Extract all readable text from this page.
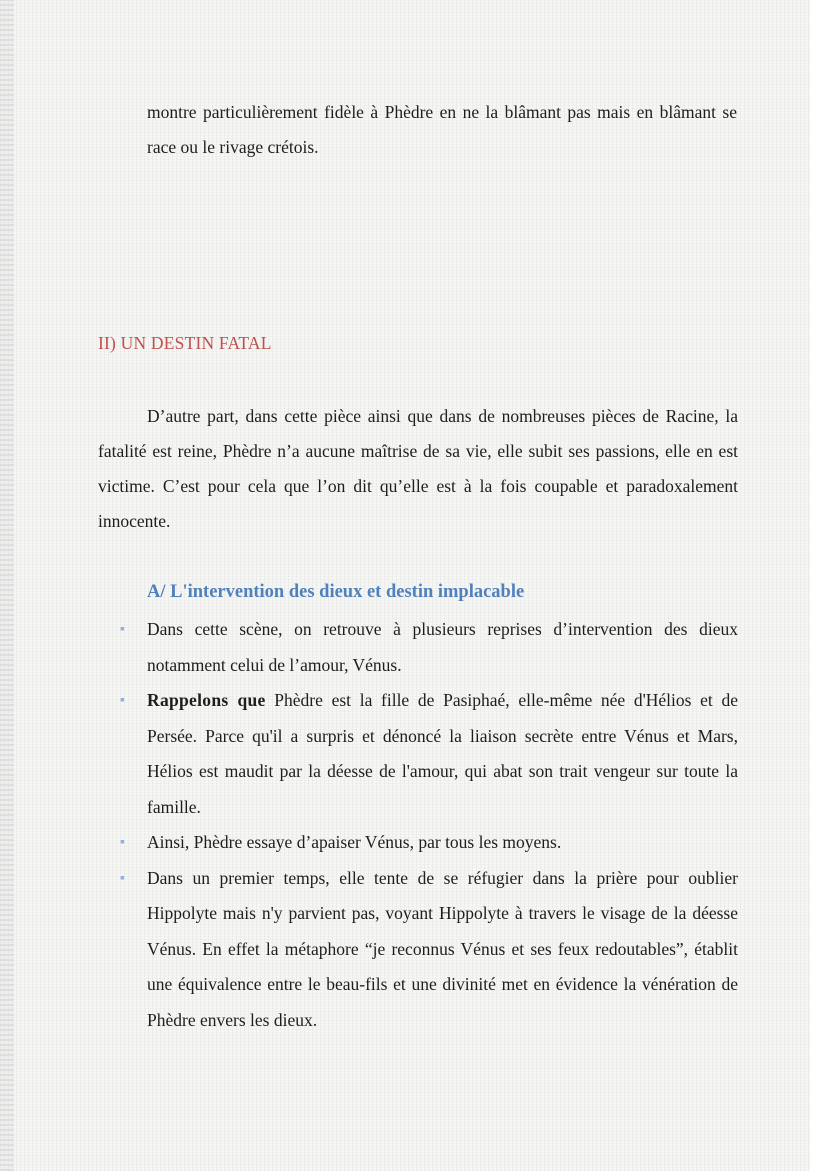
montre particulièrement fidèle à Phèdre en ne la blâmant pas mais en blâmant se race ou le rivage crétois.

II) UN DESTIN FATAL

D’autre part, dans cette pièce ainsi que dans de nombreuses pièces de Racine, la fatalité est reine, Phèdre n’a aucune maîtrise de sa vie, elle subit ses passions, elle en est victime. C’est pour cela que l’on dit qu’elle est à la fois coupable et paradoxalement innocente.

A/ L'intervention des dieux et destin implacable
▪	Dans cette scène, on retrouve à plusieurs reprises d’intervention des dieux notamment celui de l’amour, Vénus.
▪	Rappelons que Phèdre est la fille de Pasiphaé, elle-même née d'Hélios et de Persée. Parce qu'il a surpris et dénoncé la liaison secrète entre Vénus et Mars, Hélios est maudit par la déesse de l'amour, qui abat son trait vengeur sur toute la famille.
▪	Ainsi, Phèdre essaye d’apaiser Vénus, par tous les moyens.
▪	Dans un premier temps, elle tente de se réfugier dans la prière pour oublier Hippolyte mais n'y parvient pas, voyant Hippolyte à travers le visage de la déesse Vénus. En effet la métaphore “je reconnus Vénus et ses feux redoutables”, établit une équivalence entre le beau-fils et une divinité met en évidence la vénération de Phèdre envers les dieux.
